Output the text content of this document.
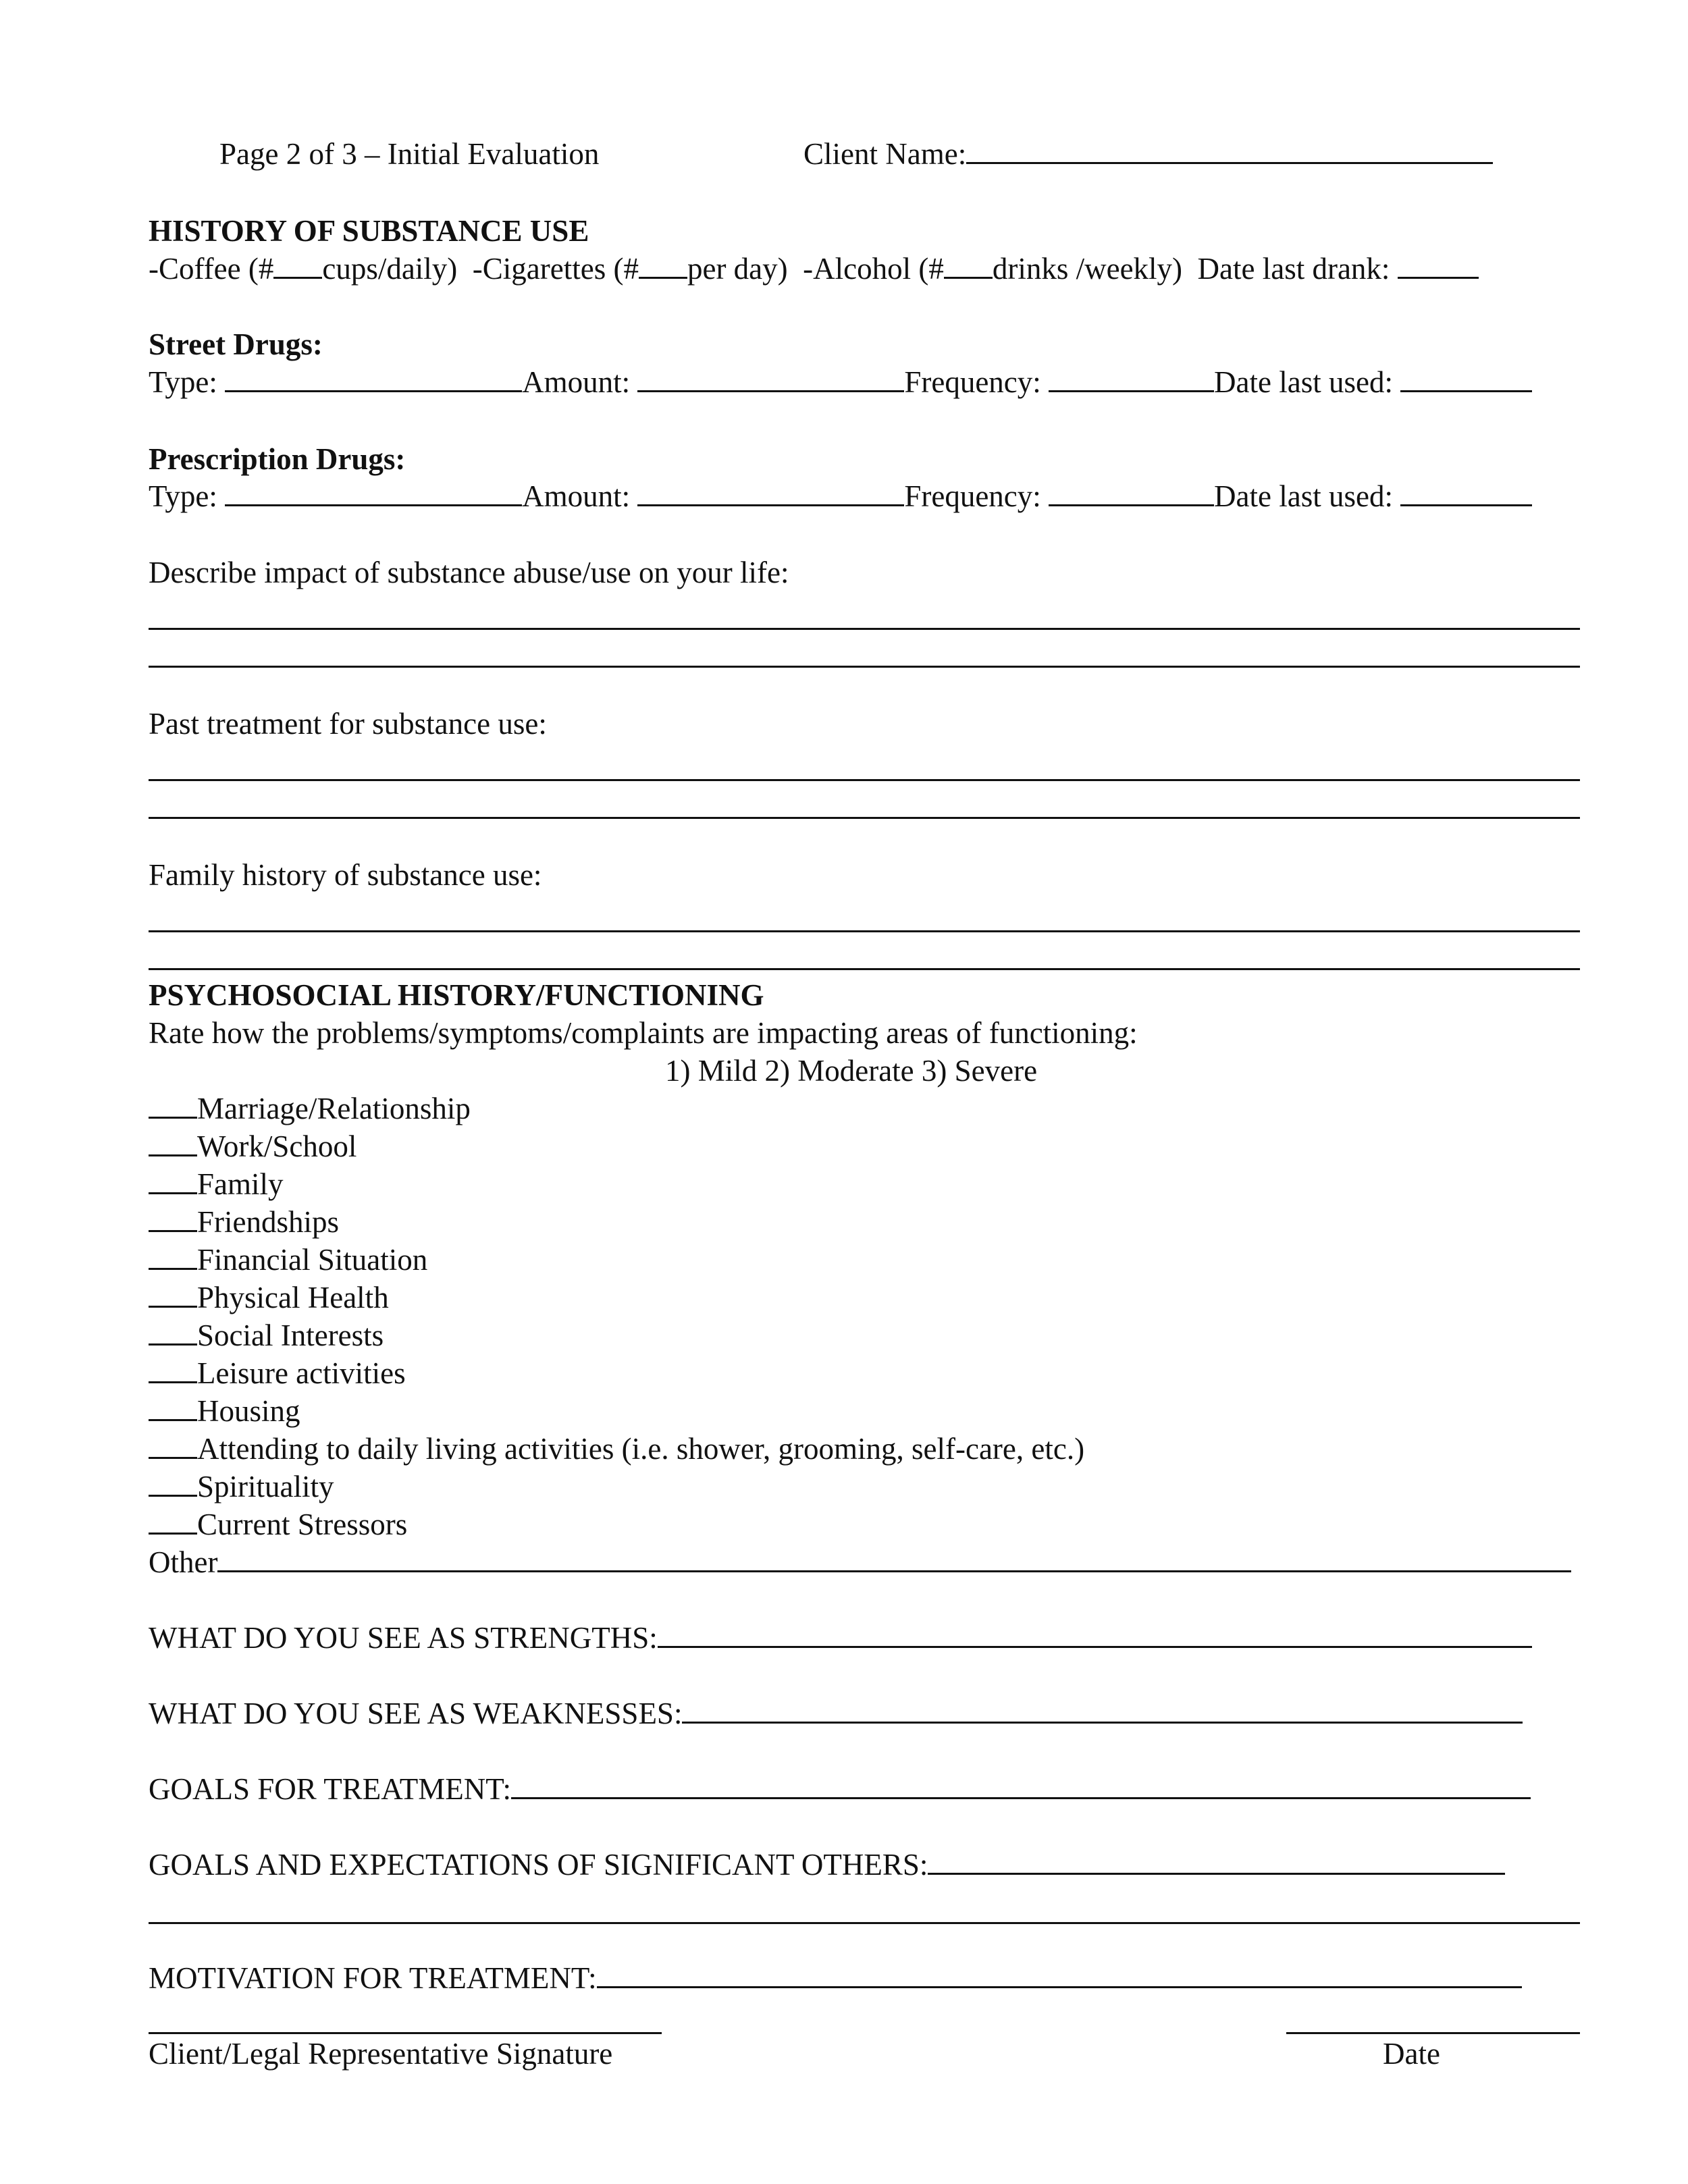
Page 2 of 3 – Initial Evaluation	Client Name:
HISTORY OF SUBSTANCE USE
-Coffee (# cups/daily) -Cigarettes (# per day) -Alcohol (# drinks /weekly) Date last drank:
Street Drugs:
Type:	Amount:	Frequency:	Date last used:
Prescription Drugs:
Type:	Amount:	Frequency:	Date last used:
Describe impact of substance abuse/use on your life:
Past treatment for substance use:
Family history of substance use:
PSYCHOSOCIAL HISTORY/FUNCTIONING
Rate how the problems/symptoms/complaints are impacting areas of functioning:
1) Mild 2) Moderate 3) Severe
Marriage/Relationship
Work/School
Family
Friendships
Financial Situation
Physical Health
Social Interests
Leisure activities
Housing
Attending to daily living activities (i.e. shower, grooming, self-care, etc.)
Spirituality
Current Stressors
Other
WHAT DO YOU SEE AS STRENGTHS:
WHAT DO YOU SEE AS WEAKNESSES:
GOALS FOR TREATMENT:
GOALS AND EXPECTATIONS OF SIGNIFICANT OTHERS:
MOTIVATION FOR TREATMENT:
Client/Legal Representative Signature	Date
